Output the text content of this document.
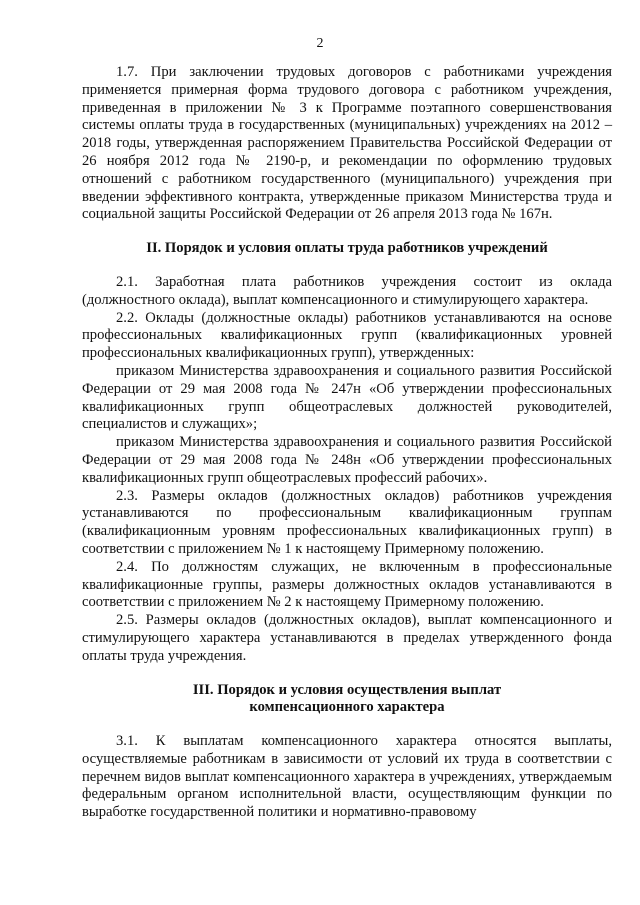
2

1.7. При заключении трудовых договоров с работниками учреждения применяется примерная форма трудового договора с работником учреждения, приведенная в приложении № 3 к Программе поэтапного совершенствования системы оплаты труда в государственных (муниципальных) учреждениях на 2012 – 2018 годы, утвержденная распоряжением Правительства Российской Федерации от 26 ноября 2012 года № 2190-р, и рекомендации по оформлению трудовых отношений с работником государственного (муниципального) учреждения при введении эффективного контракта, утвержденные приказом Министерства труда и социальной защиты Российской Федерации от 26 апреля 2013 года № 167н.

II. Порядок и условия оплаты труда работников учреждений

2.1. Заработная плата работников учреждения состоит из оклада (должностного оклада), выплат компенсационного и стимулирующего характера.

2.2. Оклады (должностные оклады) работников устанавливаются на основе профессиональных квалификационных групп (квалификационных уровней профессиональных квалификационных групп), утвержденных:

приказом Министерства здравоохранения и социального развития Российской Федерации от 29 мая 2008 года № 247н «Об утверждении профессиональных квалификационных групп общеотраслевых должностей руководителей, специалистов и служащих»;

приказом Министерства здравоохранения и социального развития Российской Федерации от 29 мая 2008 года № 248н «Об утверждении профессиональных квалификационных групп общеотраслевых профессий рабочих».

2.3. Размеры окладов (должностных окладов) работников учреждения устанавливаются по профессиональным квалификационным группам (квалификационным уровням профессиональных квалификационных групп) в соответствии с приложением № 1 к настоящему Примерному положению.

2.4. По должностям служащих, не включенным в профессиональные квалификационные группы, размеры должностных окладов устанавливаются в соответствии с приложением № 2 к настоящему Примерному положению.

2.5. Размеры окладов (должностных окладов), выплат компенсационного и стимулирующего характера устанавливаются в пределах утвержденного фонда оплаты труда учреждения.

III. Порядок и условия осуществления выплат
компенсационного характера

3.1. К выплатам компенсационного характера относятся выплаты, осуществляемые работникам в зависимости от условий их труда в соответствии с перечнем видов выплат компенсационного характера в учреждениях, утверждаемым федеральным органом исполнительной власти, осуществляющим функции по выработке государственной политики и нормативно-правовому
